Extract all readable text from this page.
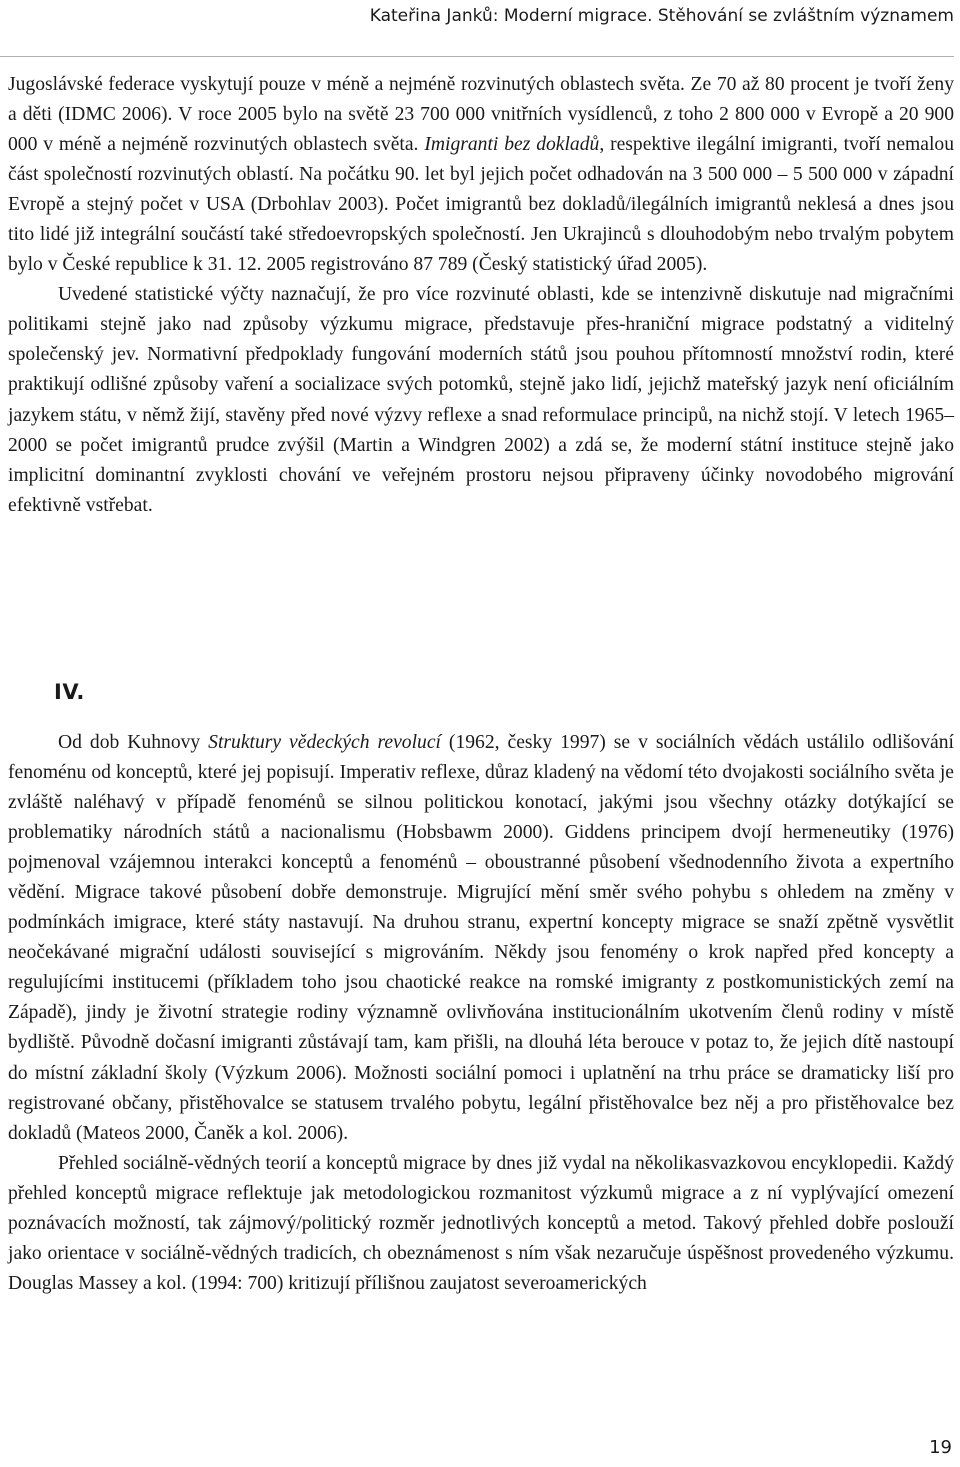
Kateřina Janků: Moderní migrace. Stěhování se zvláštním významem

Jugoslávské federace vyskytují pouze v méně a nejméně rozvinutých oblastech světa. Ze 70 až 80 procent je tvoří ženy a děti (IDMC 2006). V roce 2005 bylo na světě 23 700 000 vnitřních vysídlenců, z toho 2 800 000 v Evropě a 20 900 000 v méně a nejméně rozvinutých oblastech světa. Imigranti bez dokladů, respektive ilegální imigranti, tvoří nemalou část společností rozvinutých oblastí. Na počátku 90. let byl jejich počet odhadován na 3 500 000 – 5 500 000 v západní Evropě a stejný počet v USA (Drbohlav 2003). Počet imigrantů bez dokladů/ilegálních imigrantů neklesá a dnes jsou tito lidé již integrální součástí také středoevropských společností. Jen Ukrajinců s dlouhodobým nebo trvalým pobytem bylo v České republice k 31. 12. 2005 registrováno 87 789 (Český statistický úřad 2005).

Uvedené statistické výčty naznačují, že pro více rozvinuté oblasti, kde se intenzivně diskutuje nad migračními politikami stejně jako nad způsoby výzkumu migrace, představuje přes-hraniční migrace podstatný a viditelný společenský jev. Normativní předpoklady fungování moderních států jsou pouhou přítomností množství rodin, které praktikují odlišné způsoby vaření a socializace svých potomků, stejně jako lidí, jejichž mateřský jazyk není oficiálním jazykem státu, v němž žijí, stavěny před nové výzvy reflexe a snad reformulace principů, na nichž stojí. V letech 1965–2000 se počet imigrantů prudce zvýšil (Martin a Windgren 2002) a zdá se, že moderní státní instituce stejně jako implicitní dominantní zvyklosti chování ve veřejném prostoru nejsou připraveny účinky novodobého migrování efektivně vstřebat.

IV.

Od dob Kuhnovy Struktury vědeckých revolucí (1962, česky 1997) se v sociálních vědách ustálilo odlišování fenoménu od konceptů, které jej popisují. Imperativ reflexe, důraz kladený na vědomí této dvojakosti sociálního světa je zvláště naléhavý v případě fenoménů se silnou politickou konotací, jakými jsou všechny otázky dotýkající se problematiky národních států a nacionalismu (Hobsbawm 2000). Giddens principem dvojí hermeneutiky (1976) pojmenoval vzájemnou interakci konceptů a fenoménů – oboustranné působení všednodenního života a expertního vědění. Migrace takové působení dobře demonstruje. Migrující mění směr svého pohybu s ohledem na změny v podmínkách imigrace, které státy nastavují. Na druhou stranu, expertní koncepty migrace se snaží zpětně vysvětlit neočekávané migrační události související s migrováním. Někdy jsou fenomény o krok napřed před koncepty a regulujícími institucemi (příkladem toho jsou chaotické reakce na romské imigranty z postkomunistických zemí na Západě), jindy je životní strategie rodiny významně ovlivňována institucionálním ukotvením členů rodiny v místě bydliště. Původně dočasní imigranti zůstávají tam, kam přišli, na dlouhá léta berouce v potaz to, že jejich dítě nastoupí do místní základní školy (Výzkum 2006). Možnosti sociální pomoci i uplatnění na trhu práce se dramaticky liší pro registrované občany, přistěhovalce se statusem trvalého pobytu, legální přistěhovalce bez něj a pro přistěhovalce bez dokladů (Mateos 2000, Čaněk a kol. 2006).

Přehled sociálně-vědných teorií a konceptů migrace by dnes již vydal na několikasvazkovou encyklopedii. Každý přehled konceptů migrace reflektuje jak metodologickou rozmanitost výzkumů migrace a z ní vyplývající omezení poznávacích možností, tak zájmový/politický rozměr jednotlivých konceptů a metod. Takový přehled dobře poslouží jako orientace v sociálně-vědných tradicích, ch obeznámenost s ním však nezaručuje úspěšnost provedeného výzkumu. Douglas Massey a kol. (1994: 700) kritizují přílišnou zaujatost severoamerických

19
